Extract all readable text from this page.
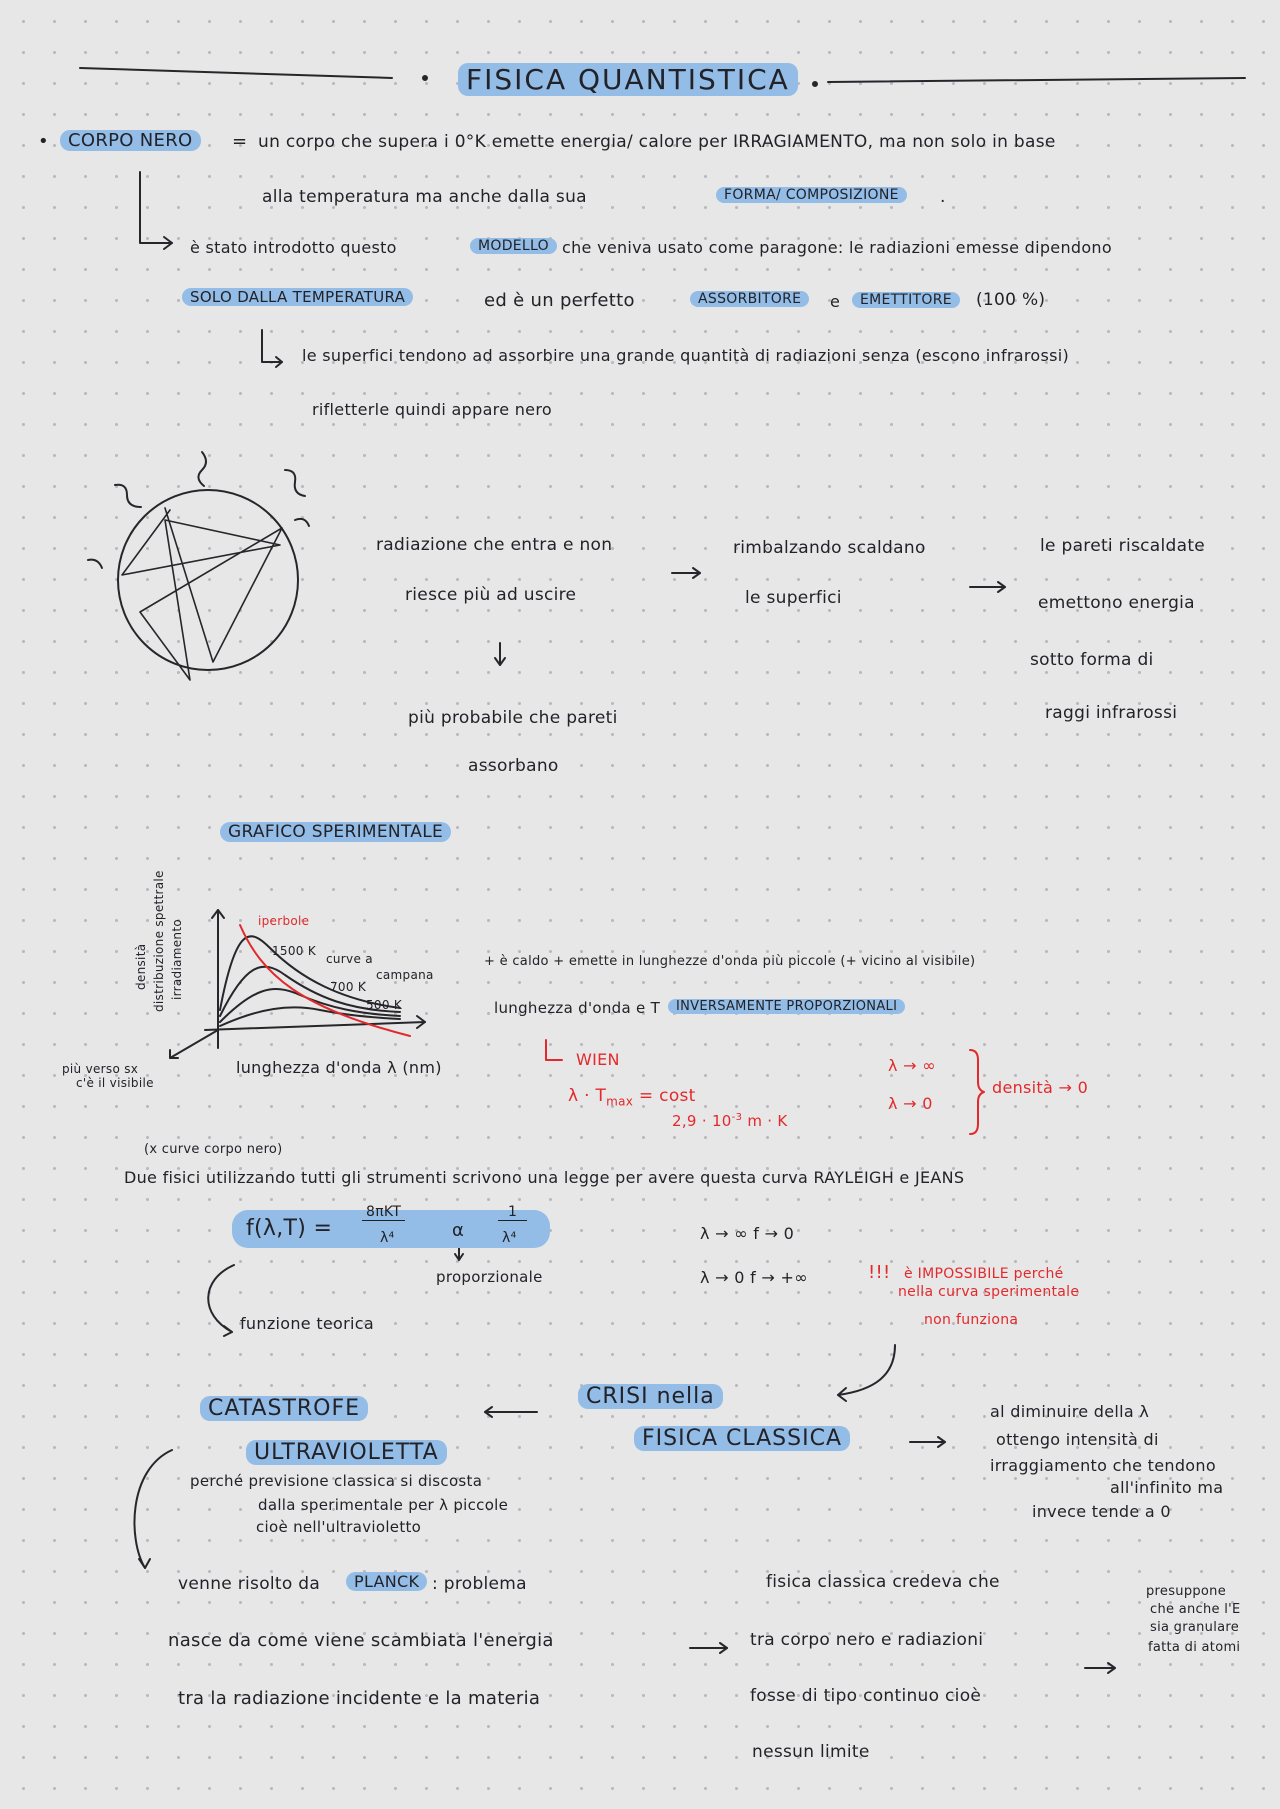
FISICA QUANTISTICA
•	CORPO NERO	= un corpo che supera i 0°K emette energia/ calore per IRRAGIAMENTO, ma non solo in base
alla temperatura ma anche dalla sua	FORMA/ COMPOSIZIONE	.
è stato introdotto questo	MODELLO che veniva usato come paragone: le radiazioni emesse dipendono
SOLO DALLA TEMPERATURA	ed è un perfetto	ASSORBITORE	e	EMETTITORE	(100 %)
le superfici tendono ad assorbire una grande quantità di radiazioni senza (escono infrarossi)
rifletterle quindi appare nero
radiazione che entra e non
riesce più ad uscire
rimbalzando scaldano
le superfici
le pareti riscaldate
emettono energia
sotto forma di
raggi infrarossi
più probabile che pareti
assorbano
GRAFICO SPERIMENTALE
densità distribuzione spettrale irradiamento
lunghezza d'onda λ (nm)
più verso sx
c'è il visibile
iperbole
1500 K
700 K
500 K
curve a
campana
+ è caldo + emette in lunghezze d'onda più piccole (+ vicino al visibile)
lunghezza d'onda e T	INVERSAMENTE PROPORZIONALI
WIEN
$\lambda \cdot T_{max} = \cos t$
$2,9 \cdot 10^{-3}$ m · K
λ → ∞
λ → 0
densità → 0
(x curve corpo nero)
Due fisici utilizzando tutti gli strumenti scrivono una legge per avere questa curva RAYLEIGH e JEANS
f(λ,T) =
8πKT
λ⁴	α
1
λ⁴
proporzionale
funzione teorica
λ → ∞ f → 0
λ → 0 f → +∞	!!! è IMPOSSIBILE perché
nella curva sperimentale
non funziona
CATASTROFE
ULTRAVIOLETTA
CRISI nella
FISICA CLASSICA
perché previsione classica si discosta
dalla sperimentale per λ piccole
cioè nell'ultravioletto
al diminuire della λ
ottengo intensità di
irraggiamento che tendono
all'infinito ma
invece tende a 0
venne risolto da	PLANCK : problema
nasce da come viene scambiata l'energia
tra la radiazione incidente e la materia
fisica classica credeva che
tra corpo nero e radiazioni
fosse di tipo continuo cioè
nessun limite
presuppone
che anche l'E
sia granulare
fatta di atomi
